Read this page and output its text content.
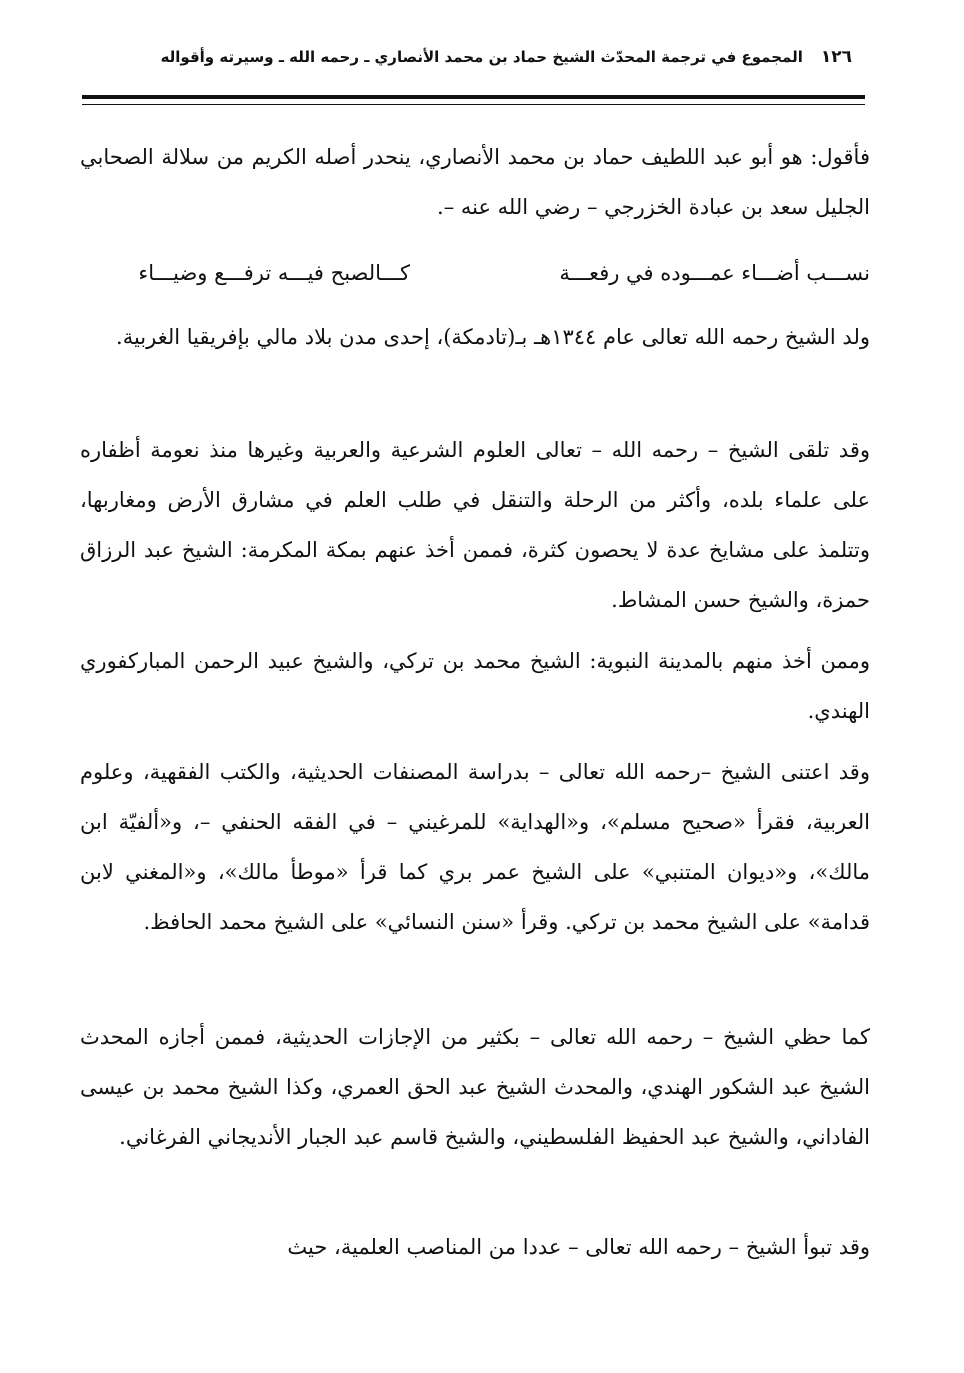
١٢٦
المجموع في ترجمة المحدّث الشيخ حماد بن محمد الأنصاري ـ رحمه الله ـ وسيرته وأقواله

فأقول: هو أبو عبد اللطيف حماد بن محمد الأنصاري، ينحدر أصله الكريم من سلالة الصحابي الجليل سعد بن عبادة الخزرجي – رضي الله عنه –.

نســـب أضـــاء عمـــوده في رفعـــة
كـــالصبح فيـــه ترفـــع وضيـــاء

ولد الشيخ رحمه الله تعالى عام ١٣٤٤هـ بـ(تادمكة)، إحدى مدن بلاد مالي بإفريقيا الغربية.

وقد تلقى الشيخ – رحمه الله – تعالى العلوم الشرعية والعربية وغيرها منذ نعومة أظفاره على علماء بلده، وأكثر من الرحلة والتنقل في طلب العلم في مشارق الأرض ومغاربها، وتتلمذ على مشايخ عدة لا يحصون كثرة، فممن أخذ عنهم بمكة المكرمة: الشيخ عبد الرزاق حمزة، والشيخ حسن المشاط.

وممن أخذ منهم بالمدينة النبوية: الشيخ محمد بن تركي، والشيخ عبيد الرحمن المباركفوري الهندي.

وقد اعتنى الشيخ –رحمه الله تعالى – بدراسة المصنفات الحديثية، والكتب الفقهية، وعلوم العربية، فقرأ «صحيح مسلم»، و«الهداية» للمرغيني – في الفقه الحنفي –، و«ألفيّة ابن مالك»، و«ديوان المتنبي» على الشيخ عمر بري كما قرأ «موطأ مالك»، و«المغني لابن قدامة» على الشيخ محمد بن تركي. وقرأ «سنن النسائي» على الشيخ محمد الحافظ.

كما حظي الشيخ – رحمه الله تعالى – بكثير من الإجازات الحديثية، فممن أجازه المحدث الشيخ عبد الشكور الهندي، والمحدث الشيخ عبد الحق العمري، وكذا الشيخ محمد بن عيسى الفاداني، والشيخ عبد الحفيظ الفلسطيني، والشيخ قاسم عبد الجبار الأنديجاني الفرغاني.

وقد تبوأ الشيخ – رحمه الله تعالى – عددا من المناصب العلمية، حيث
